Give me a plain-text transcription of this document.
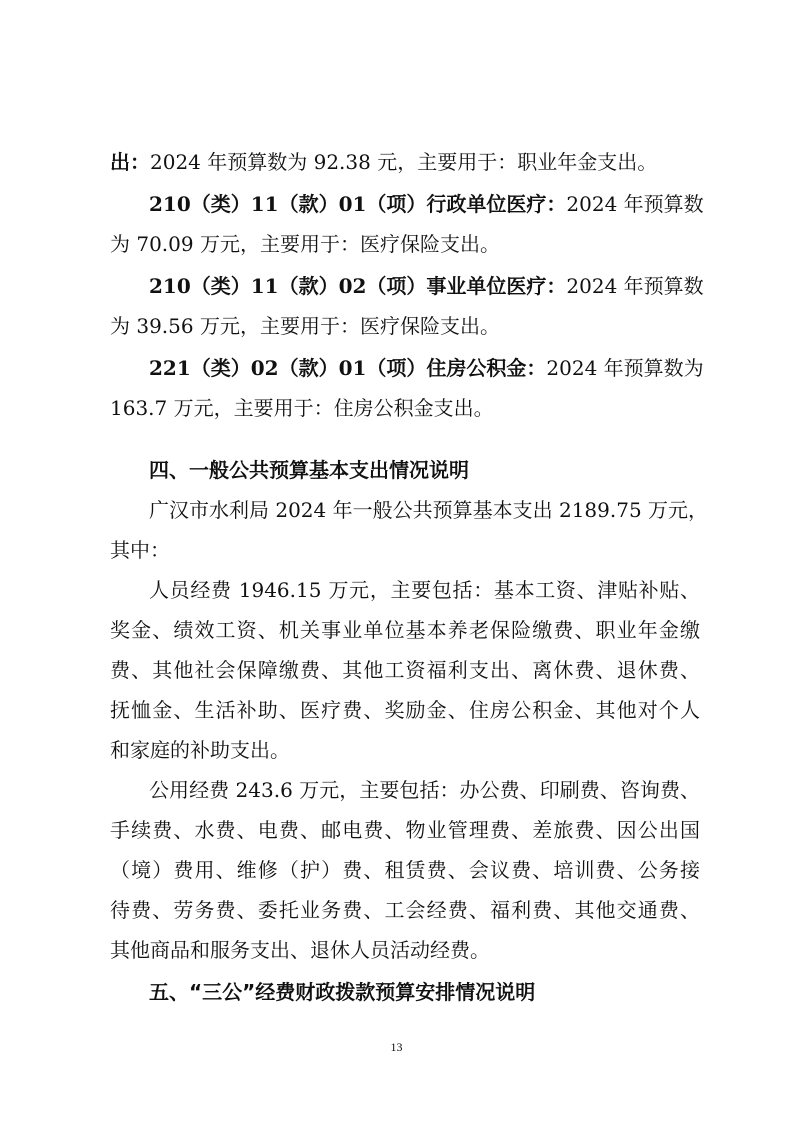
出：2024 年预算数为 92.38 元，主要用于：职业年金支出。
210（类）11（款）01（项）行政单位医疗：2024 年预算数
为 70.09 万元，主要用于：医疗保险支出。
210（类）11（款）02（项）事业单位医疗：2024 年预算数
为 39.56 万元，主要用于：医疗保险支出。
221（类）02（款）01（项）住房公积金：2024 年预算数为
163.7 万元，主要用于：住房公积金支出。
四、一般公共预算基本支出情况说明
广汉市水利局 2024 年一般公共预算基本支出 2189.75 万元，
其中：
人员经费 1946.15 万元，主要包括：基本工资、津贴补贴、
奖金、绩效工资、机关事业单位基本养老保险缴费、职业年金缴
费、其他社会保障缴费、其他工资福利支出、离休费、退休费、
抚恤金、生活补助、医疗费、奖励金、住房公积金、其他对个人
和家庭的补助支出。
公用经费 243.6 万元，主要包括：办公费、印刷费、咨询费、
手续费、水费、电费、邮电费、物业管理费、差旅费、因公出国
（境）费用、维修（护）费、租赁费、会议费、培训费、公务接
待费、劳务费、委托业务费、工会经费、福利费、其他交通费、
其他商品和服务支出、退休人员活动经费。
五、“三公”经费财政拨款预算安排情况说明
13
